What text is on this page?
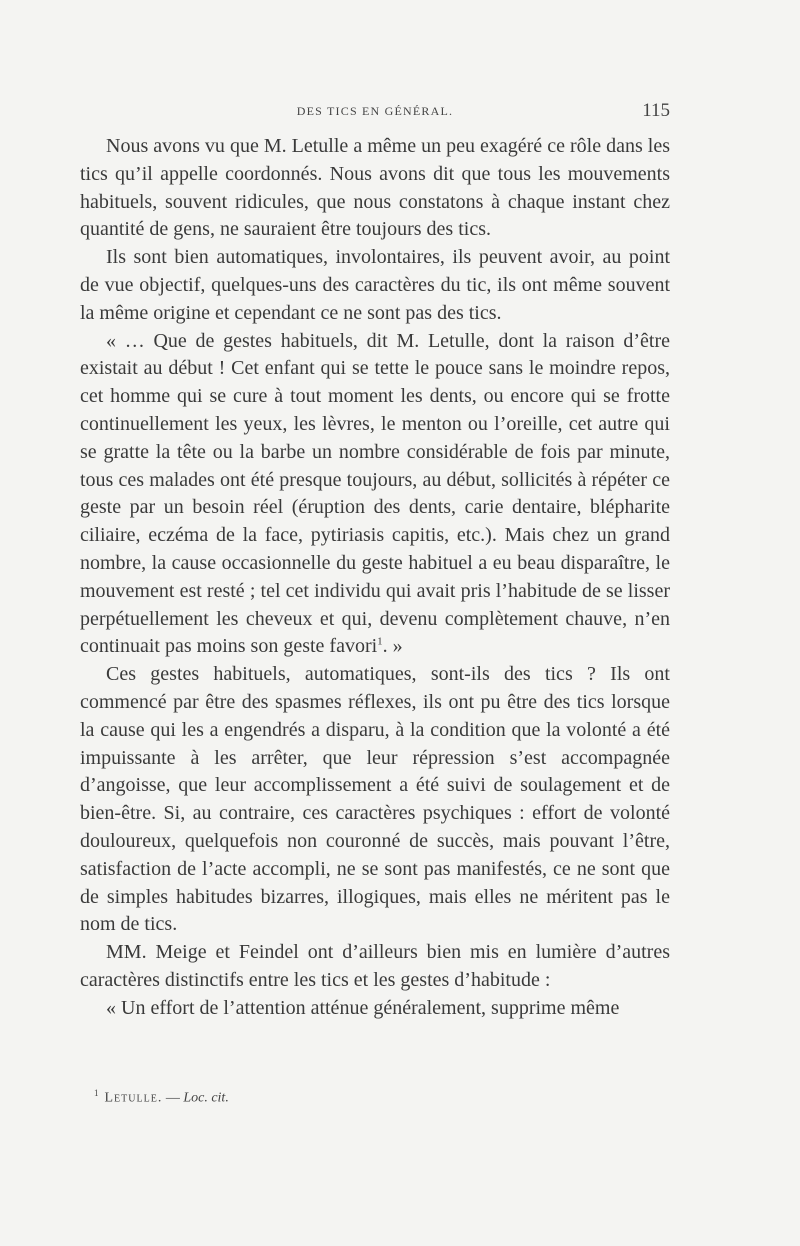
DES TICS EN GÉNÉRAL.	115

Nous avons vu que M. Letulle a même un peu exagéré ce rôle dans les tics qu’il appelle coordonnés. Nous avons dit que tous les mouvements habituels, souvent ridicules, que nous constatons à chaque instant chez quantité de gens, ne sauraient être toujours des tics.

Ils sont bien automatiques, involontaires, ils peuvent avoir, au point de vue objectif, quelques-uns des caractères du tic, ils ont même souvent la même origine et cependant ce ne sont pas des tics.

« … Que de gestes habituels, dit M. Letulle, dont la raison d’être existait au début ! Cet enfant qui se tette le pouce sans le moindre repos, cet homme qui se cure à tout moment les dents, ou encore qui se frotte continuellement les yeux, les lèvres, le menton ou l’oreille, cet autre qui se gratte la tête ou la barbe un nombre considérable de fois par minute, tous ces malades ont été presque toujours, au début, sollicités à répéter ce geste par un besoin réel (éruption des dents, carie dentaire, blépharite ciliaire, eczéma de la face, pytiriasis capitis, etc.). Mais chez un grand nombre, la cause occasionnelle du geste habituel a eu beau disparaître, le mouvement est resté ; tel cet individu qui avait pris l’habitude de se lisser perpétuellement les cheveux et qui, devenu complètement chauve, n’en continuait pas moins son geste favori$^1$. »

Ces gestes habituels, automatiques, sont-ils des tics ? Ils ont commencé par être des spasmes réflexes, ils ont pu être des tics lorsque la cause qui les a engendrés a disparu, à la condition que la volonté a été impuissante à les arrêter, que leur répression s’est accompagnée d’angoisse, que leur accomplissement a été suivi de soulagement et de bien-être. Si, au contraire, ces caractères psychiques : effort de volonté douloureux, quelquefois non couronné de succès, mais pouvant l’être, satisfaction de l’acte accompli, ne se sont pas manifestés, ce ne sont que de simples habitudes bizarres, illogiques, mais elles ne méritent pas le nom de tics.

MM. Meige et Feindel ont d’ailleurs bien mis en lumière d’autres caractères distinctifs entre les tics et les gestes d’habitude :

« Un effort de l’attention atténue généralement, supprime même

$^1$ Letulle. — Loc. cit.
